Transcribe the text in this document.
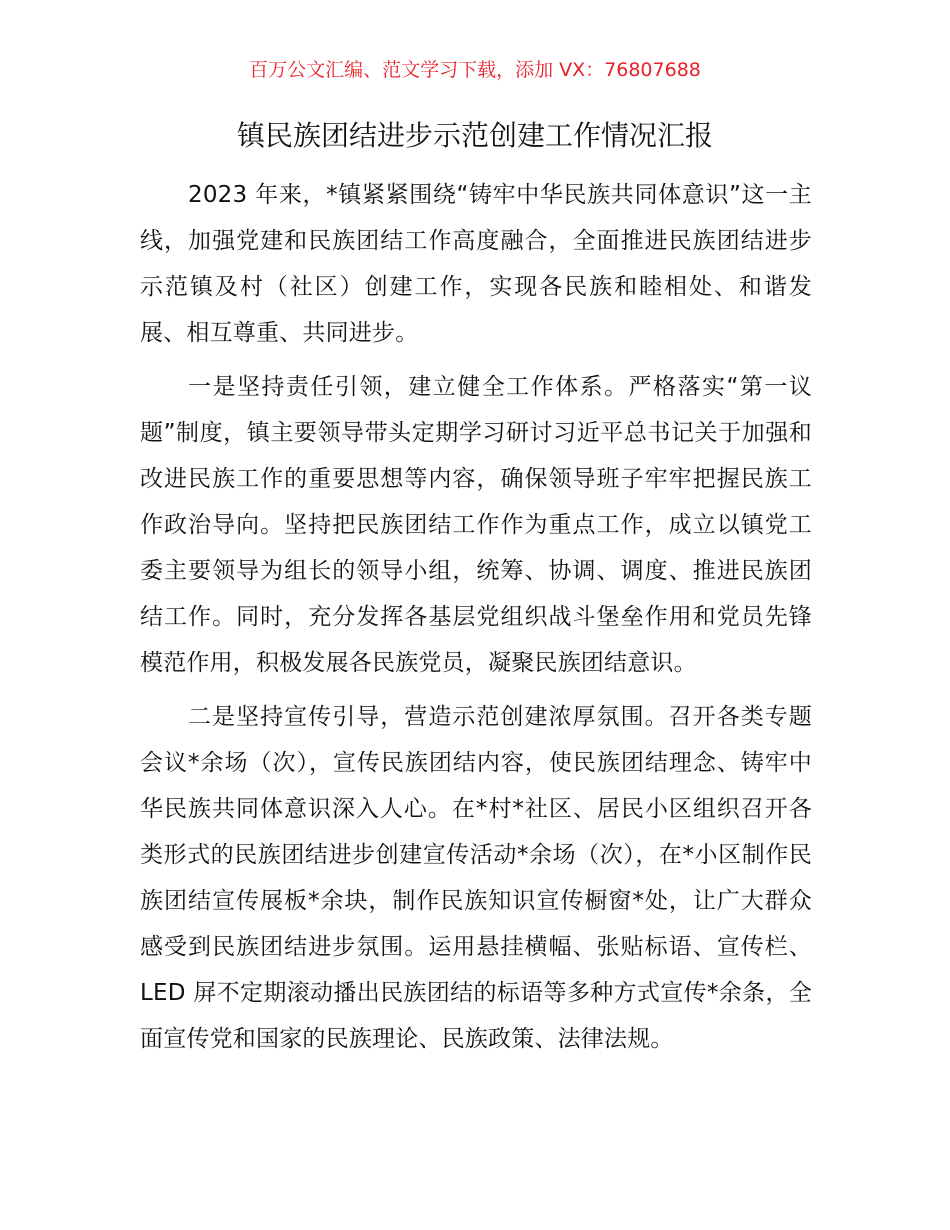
百万公文汇编、范文学习下载，添加 VX：76807688
镇民族团结进步示范创建工作情况汇报

2023 年来，*镇紧紧围绕“铸牢中华民族共同体意识”这一主线，加强党建和民族团结工作高度融合，全面推进民族团结进步示范镇及村（社区）创建工作，实现各民族和睦相处、和谐发展、相互尊重、共同进步。

一是坚持责任引领，建立健全工作体系。严格落实“第一议题”制度，镇主要领导带头定期学习研讨习近平总书记关于加强和改进民族工作的重要思想等内容，确保领导班子牢牢把握民族工作政治导向。坚持把民族团结工作作为重点工作，成立以镇党工委主要领导为组长的领导小组，统筹、协调、调度、推进民族团结工作。同时，充分发挥各基层党组织战斗堡垒作用和党员先锋模范作用，积极发展各民族党员，凝聚民族团结意识。

二是坚持宣传引导，营造示范创建浓厚氛围。召开各类专题会议*余场（次），宣传民族团结内容，使民族团结理念、铸牢中华民族共同体意识深入人心。在*村*社区、居民小区组织召开各类形式的民族团结进步创建宣传活动*余场（次），在*小区制作民族团结宣传展板*余块，制作民族知识宣传橱窗*处，让广大群众感受到民族团结进步氛围。运用悬挂横幅、张贴标语、宣传栏、LED 屏不定期滚动播出民族团结的标语等多种方式宣传*余条，全面宣传党和国家的民族理论、民族政策、法律法规。
